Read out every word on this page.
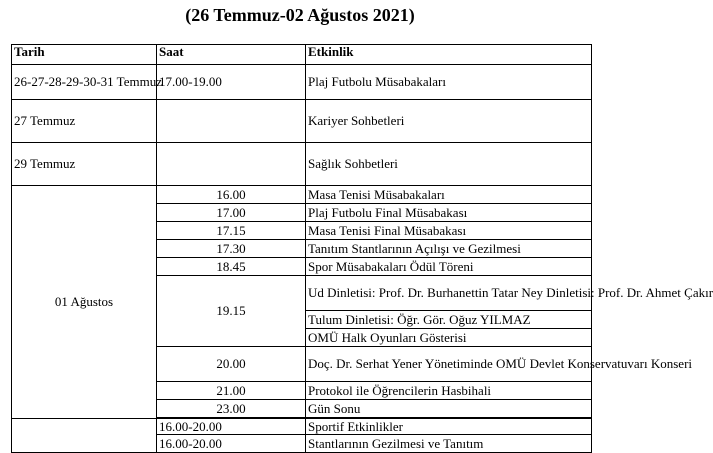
(26 Temmuz-02 Ağustos 2021)
Tarih	Saat	Etkinlik
26-27-28-29-30-31 Temmuz	17.00-19.00	Plaj Futbolu Müsabakaları
27 Temmuz		Kariyer Sohbetleri
29 Temmuz		Sağlık Sohbetleri
01 Ağustos	16.00	Masa Tenisi Müsabakaları
	17.00	Plaj Futbolu Final Müsabakası
	17.15	Masa Tenisi Final Müsabakası
	17.30	Tanıtım Stantlarının Açılışı ve Gezilmesi
	18.45	Spor Müsabakaları Ödül Töreni
	19.15	Ud Dinletisi: Prof. Dr. Burhanettin Tatar Ney Dinletisi: Prof. Dr. Ahmet Çakır
		Tulum Dinletisi: Öğr. Gör. Oğuz YILMAZ
		OMÜ Halk Oyunları Gösterisi
	20.00	Doç. Dr. Serhat Yener Yönetiminde OMÜ Devlet Konservatuvarı Konseri
	21.00	Protokol ile Öğrencilerin Hasbihali
	23.00	Gün Sonu

	16.00-20.00	Sportif Etkinlikler
	16.00-20.00	Stantlarının Gezilmesi ve Tanıtım
